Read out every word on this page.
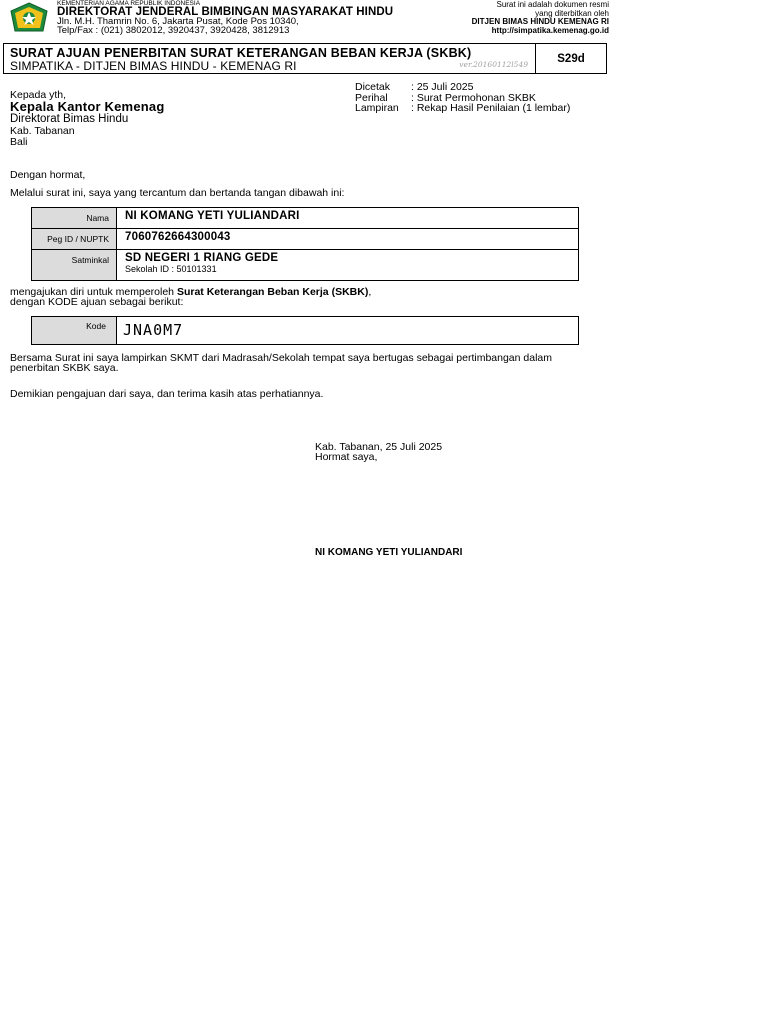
KEMENTERIAN AGAMA REPUBLIK INDONESIA
DIREKTORAT JENDERAL BIMBINGAN MASYARAKAT HINDU
Jln. M.H. Thamrin No. 6, Jakarta Pusat, Kode Pos 10340,
Telp/Fax : (021) 3802012, 3920437, 3920428, 3812913
Surat ini adalah dokumen resmi
yang diterbitkan oleh
DITJEN BIMAS HINDU KEMENAG RI
http://simpatika.kemenag.go.id
SURAT AJUAN PENERBITAN SURAT KETERANGAN BEBAN KERJA (SKBK)
SIMPATIKA - DITJEN BIMAS HINDU - KEMENAG RI	ver.20160112l549	S29d
Kepada yth,
Kepala Kantor Kemenag
Direktorat Bimas Hindu
Kab. Tabanan
Bali
Dicetak	: 25 Juli 2025
Perihal	: Surat Permohonan SKBK
Lampiran	: Rekap Hasil Penilaian (1 lembar)
Dengan hormat,
Melalui surat ini, saya yang tercantum dan bertanda tangan dibawah ini:
Nama	NI KOMANG YETI YULIANDARI
Peg ID / NUPTK	7060762664300043
Satminkal	SD NEGERI 1 RIANG GEDE
Sekolah ID : 50101331
mengajukan diri untuk memperoleh Surat Keterangan Beban Kerja (SKBK),
dengan KODE ajuan sebagai berikut:
Kode	JNA0M7
Bersama Surat ini saya lampirkan SKMT dari Madrasah/Sekolah tempat saya bertugas sebagai pertimbangan dalam
penerbitan SKBK saya.
Demikian pengajuan dari saya, dan terima kasih atas perhatiannya.
Kab. Tabanan, 25 Juli 2025
Hormat saya,
NI KOMANG YETI YULIANDARI
